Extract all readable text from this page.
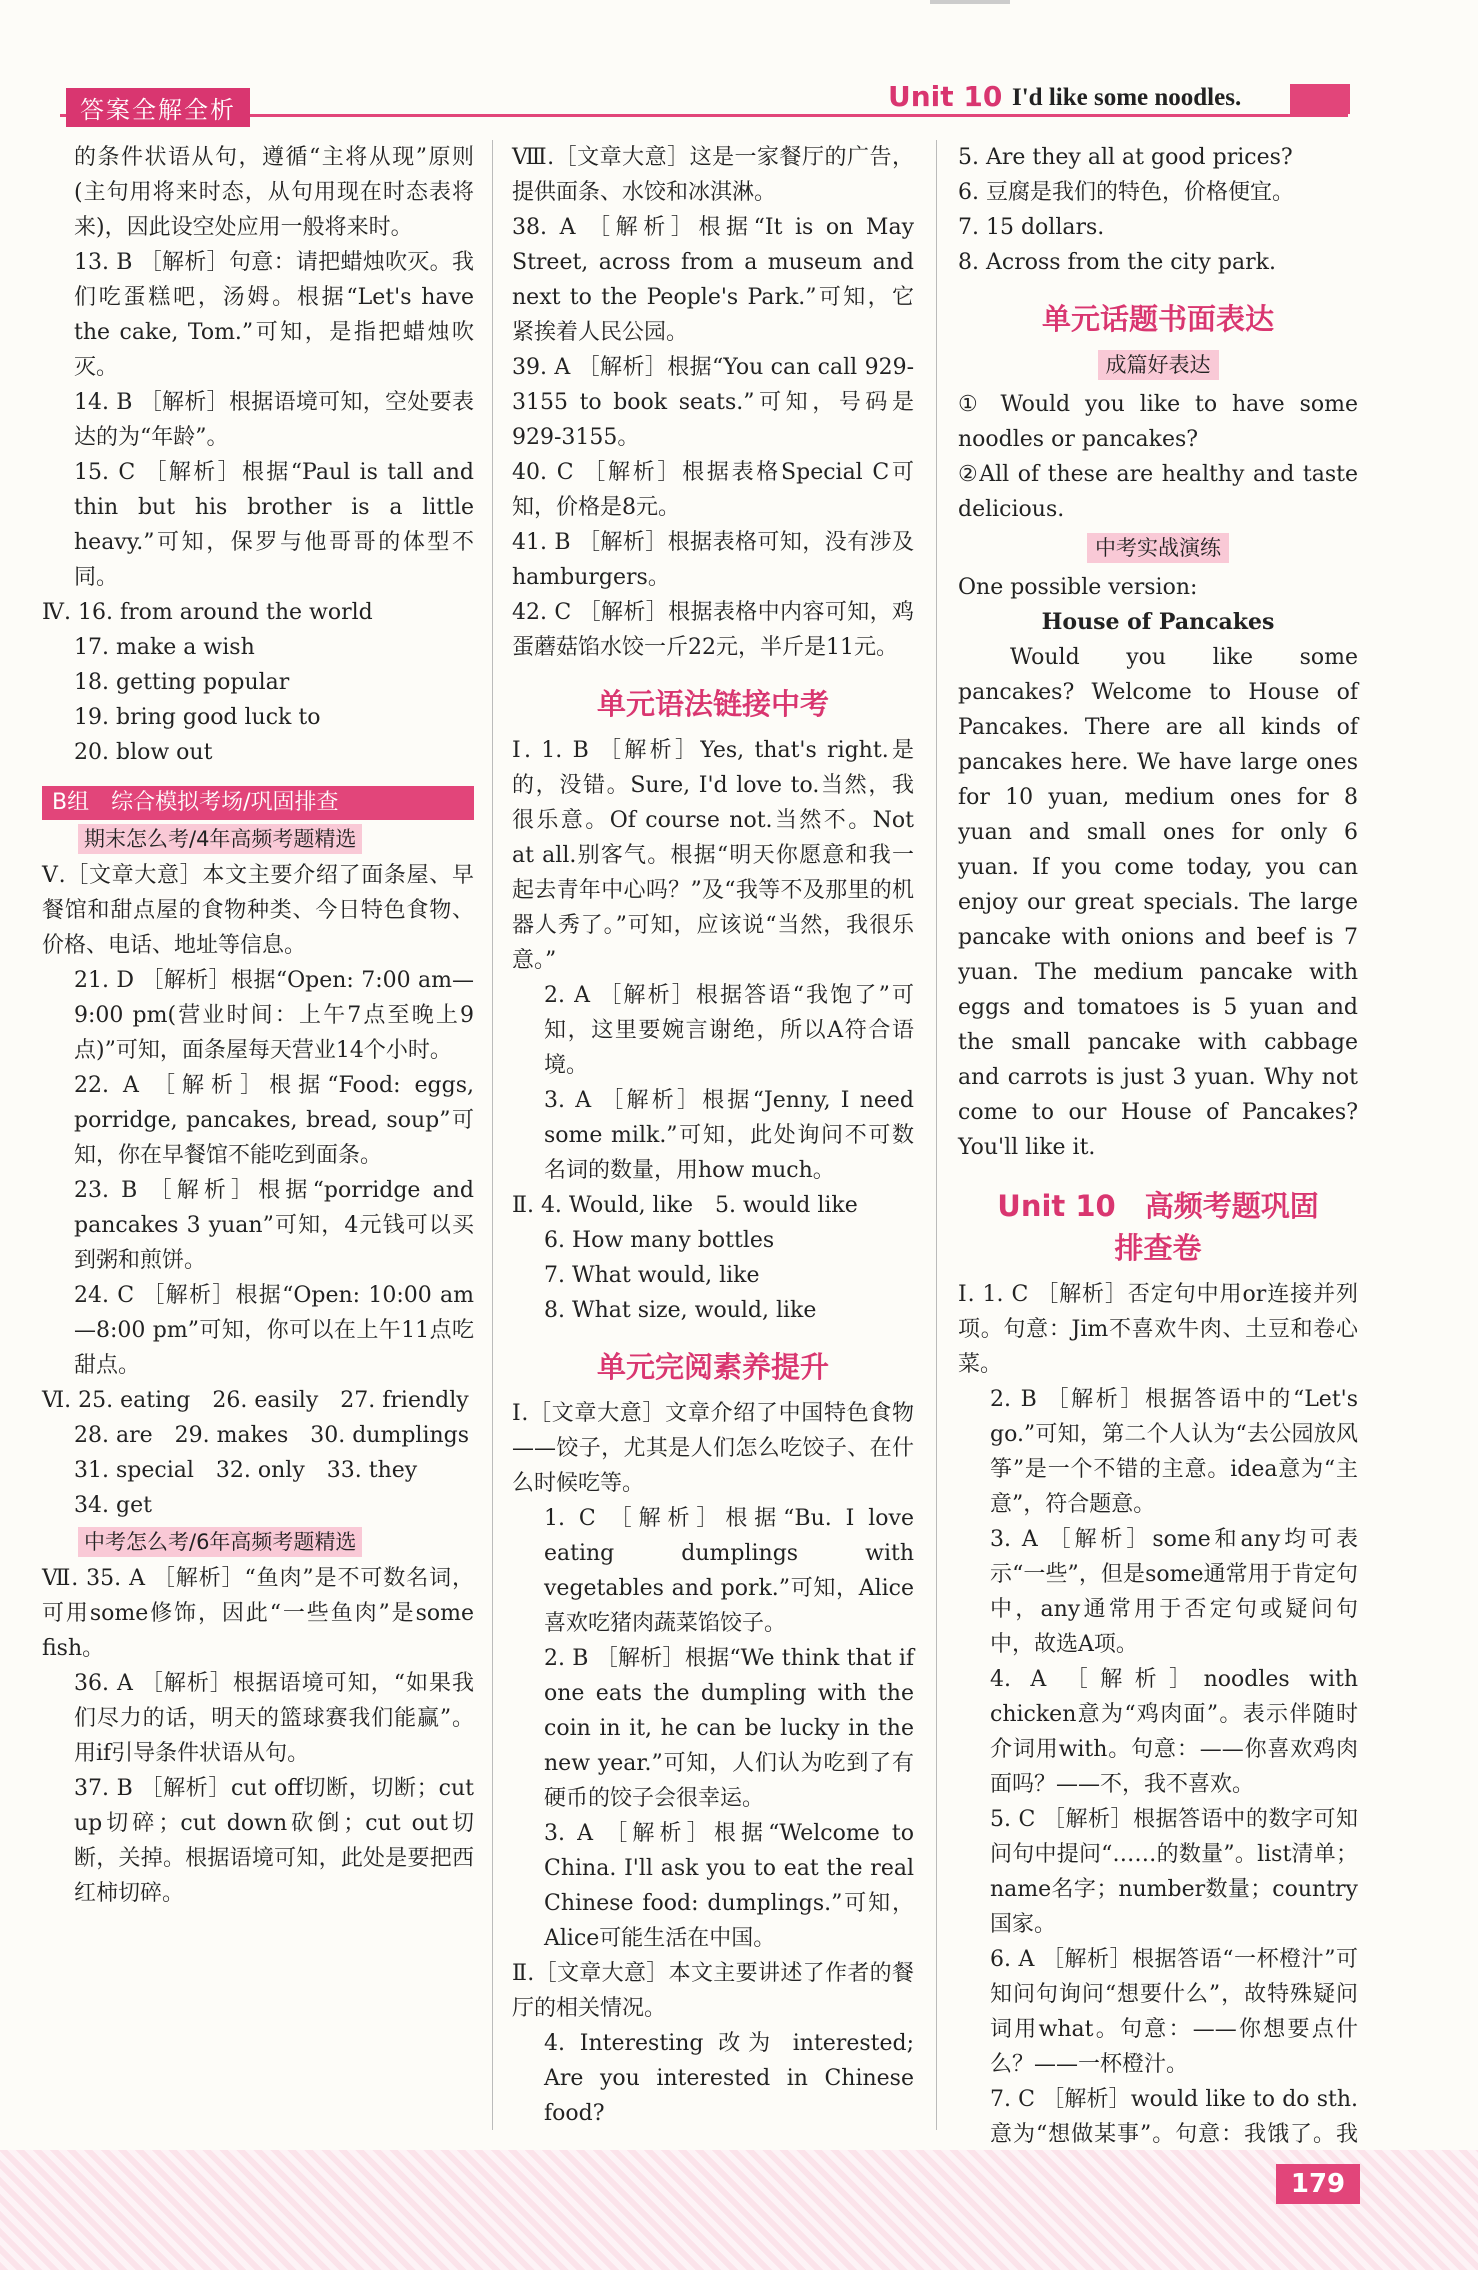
答案全解全析	Unit 10 I'd like some noodles.

的条件状语从句，遵循“主将从现”原则(主句用将来时态，从句用现在时态表将来)，因此设空处应用一般将来时。

13. B ［解析］句意：请把蜡烛吹灭。我们吃蛋糕吧，汤姆。根据“Let's have the cake, Tom.”可知，是指把蜡烛吹灭。

14. B ［解析］根据语境可知，空处要表达的为“年龄”。

15. C ［解析］根据“Paul is tall and thin but his brother is a little heavy.”可知，保罗与他哥哥的体型不同。

Ⅳ. 16. from around the world

17. make a wish

18. getting popular

19. bring good luck to

20. blow out

B组　综合模拟考场/巩固排查
期末怎么考/4年高频考题精选

Ⅴ.［文章大意］本文主要介绍了面条屋、早餐馆和甜点屋的食物种类、今日特色食物、价格、电话、地址等信息。

21. D ［解析］根据“Open: 7:00 am—9:00 pm(营业时间：上午7点至晚上9点)”可知，面条屋每天营业14个小时。

22. A ［解析］根据“Food: eggs, porridge, pancakes, bread, soup”可知，你在早餐馆不能吃到面条。

23. B ［解析］根据“porridge and pancakes 3 yuan”可知，4元钱可以买到粥和煎饼。

24. C ［解析］根据“Open: 10:00 am—8:00 pm”可知，你可以在上午11点吃甜点。

Ⅵ. 25. eating　26. easily　27. friendly

28. are　29. makes　30. dumplings

31. special　32. only　33. they

34. get

中考怎么考/6年高频考题精选

Ⅶ. 35. A ［解析］“鱼肉”是不可数名词，可用some修饰，因此“一些鱼肉”是some fish。

36. A ［解析］根据语境可知，“如果我们尽力的话，明天的篮球赛我们能赢”。用if引导条件状语从句。

37. B ［解析］cut off切断，切断；cut up切碎；cut down砍倒；cut out切断，关掉。根据语境可知，此处是要把西红柿切碎。

Ⅷ.［文章大意］这是一家餐厅的广告，提供面条、水饺和冰淇淋。

38. A ［解析］根据“It is on May Street, across from a museum and next to the People's Park.”可知，它紧挨着人民公园。

39. A ［解析］根据“You can call 929-3155 to book seats.”可知，号码是929-3155。

40. C ［解析］根据表格Special C可知，价格是8元。

41. B ［解析］根据表格可知，没有涉及hamburgers。

42. C ［解析］根据表格中内容可知，鸡蛋蘑菇馅水饺一斤22元，半斤是11元。

单元语法链接中考

Ⅰ. 1. B ［解析］Yes, that's right.是的，没错。Sure, I'd love to.当然，我很乐意。Of course not.当然不。Not at all.别客气。根据“明天你愿意和我一起去青年中心吗？”及“我等不及那里的机器人秀了。”可知，应该说“当然，我很乐意。”

2. A ［解析］根据答语“我饱了”可知，这里要婉言谢绝，所以A符合语境。

3. A ［解析］根据“Jenny, I need some milk.”可知，此处询问不可数名词的数量，用how much。

Ⅱ. 4. Would, like　5. would like

6. How many bottles

7. What would, like

8. What size, would, like

单元完阅素养提升

Ⅰ.［文章大意］文章介绍了中国特色食物——饺子，尤其是人们怎么吃饺子、在什么时候吃等。

1. C ［解析］根据“Bu. I love eating dumplings with vegetables and pork.”可知，Alice喜欢吃猪肉蔬菜馅饺子。

2. B ［解析］根据“We think that if one eats the dumpling with the coin in it, he can be lucky in the new year.”可知，人们认为吃到了有硬币的饺子会很幸运。

3. A ［解析］根据“Welcome to China. I'll ask you to eat the real Chinese food: dumplings.”可知，Alice可能生活在中国。

Ⅱ.［文章大意］本文主要讲述了作者的餐厅的相关情况。

4. Interesting 改为 interested; Are you interested in Chinese food?

5. Are they all at good prices?

6. 豆腐是我们的特色，价格便宜。

7. 15 dollars.

8. Across from the city park.

单元话题书面表达
成篇好表达

① Would you like to have some noodles or pancakes?

②All of these are healthy and taste delicious.

中考实战演练

One possible version:

House of Pancakes

Would you like some pancakes? Welcome to House of Pancakes. There are all kinds of pancakes here. We have large ones for 10 yuan, medium ones for 8 yuan and small ones for only 6 yuan. If you come today, you can enjoy our great specials. The large pancake with onions and beef is 7 yuan. The medium pancake with eggs and tomatoes is 5 yuan and the small pancake with cabbage and carrots is just 3 yuan. Why not come to our House of Pancakes? You'll like it.

Unit 10　高频考题巩固
排查卷

Ⅰ. 1. C ［解析］否定句中用or连接并列项。句意：Jim不喜欢牛肉、土豆和卷心菜。

2. B ［解析］根据答语中的“Let's go.”可知，第二个人认为“去公园放风筝”是一个不错的主意。idea意为“主意”，符合题意。

3. A ［解析］some和any均可表示“一些”，但是some通常用于肯定句中，any通常用于否定句或疑问句中，故选A项。

4. A ［解析］noodles with chicken意为“鸡肉面”。表示伴随时介词用with。句意：——你喜欢鸡肉面吗？——不，我不喜欢。

5. C ［解析］根据答语中的数字可知问句中提问“……的数量”。list清单；name名字；number数量；country国家。

6. A ［解析］根据答语“一杯橙汁”可知问句询问“想要什么”，故特殊疑问词用what。句意：——你想要点什么？——一杯橙汁。

7. C ［解析］would like to do sth.意为“想做某事”。句意：我饿了。我

179
